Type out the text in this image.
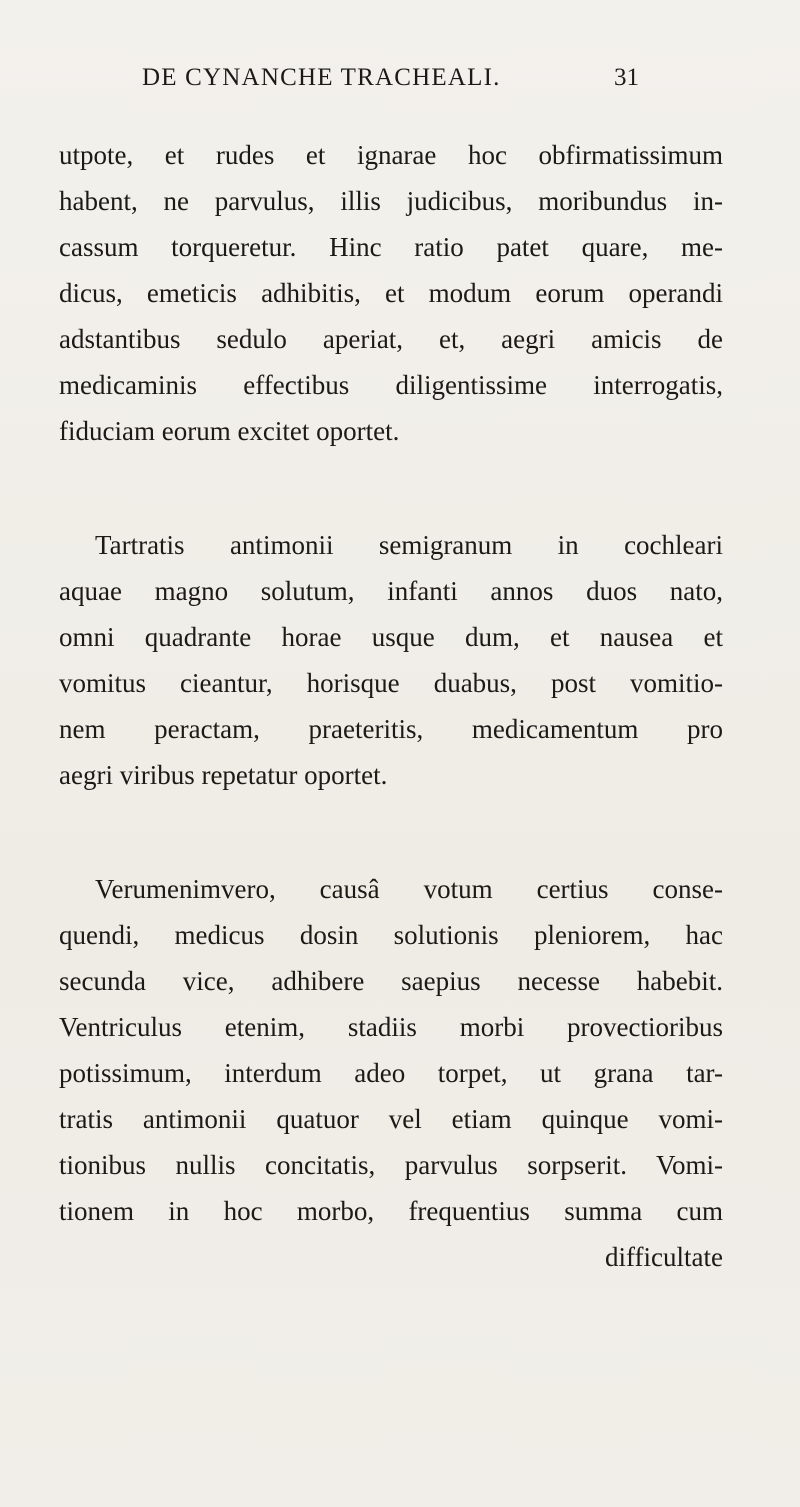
DE CYNANCHE TRACHEALI.	31
utpote, et rudes et ignarae hoc obfirmatissimum
habent, ne parvulus, illis judicibus, moribundus in-
cassum torqueretur. Hinc ratio patet quare, me-
dicus, emeticis adhibitis, et modum eorum operandi
adstantibus sedulo aperiat, et, aegri amicis de
medicaminis effectibus diligentissime interrogatis,
fiduciam eorum excitet oportet.
Tartratis antimonii semigranum in cochleari
aquae magno solutum, infanti annos duos nato,
omni quadrante horae usque dum, et nausea et
vomitus cieantur, horisque duabus, post vomitio-
nem peractam, praeteritis, medicamentum pro
aegri viribus repetatur oportet.
Verumenimvero, causâ votum certius conse-
quendi, medicus dosin solutionis pleniorem, hac
secunda vice, adhibere saepius necesse habebit.
Ventriculus etenim, stadiis morbi provectioribus
potissimum, interdum adeo torpet, ut grana tar-
tratis antimonii quatuor vel etiam quinque vomi-
tionibus nullis concitatis, parvulus sorpserit. Vomi-
tionem in hoc morbo, frequentius summa cum
difficultate
